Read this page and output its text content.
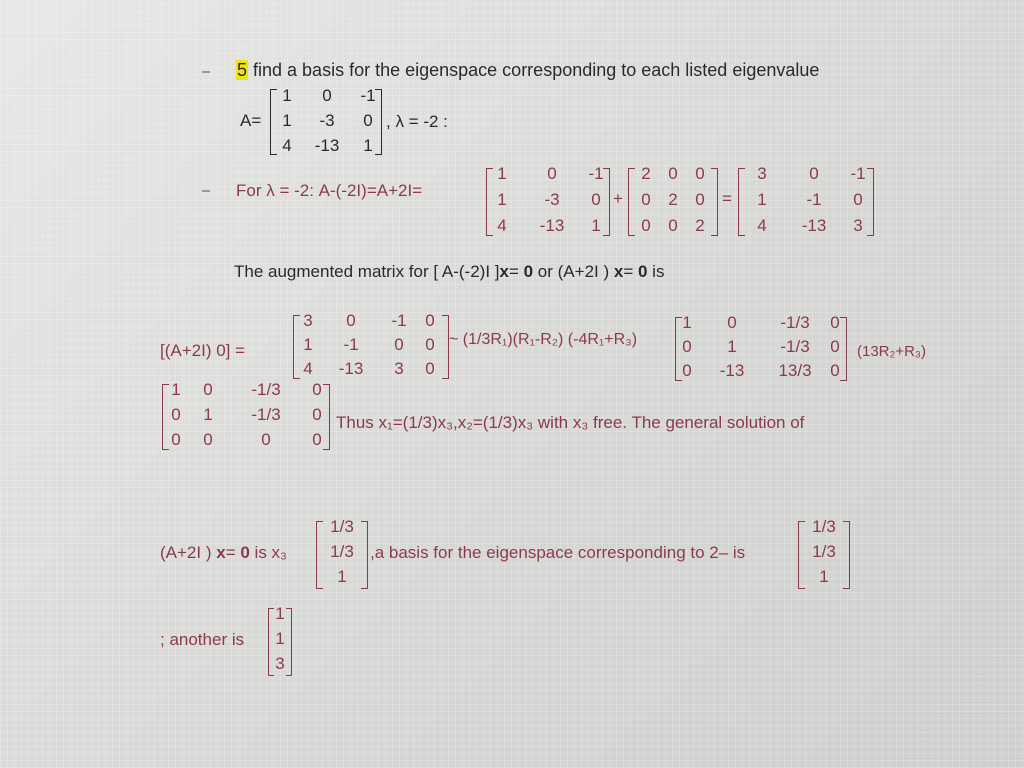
5 find a basis for the eigenspace corresponding to each listed eigenvalue
A=
1 0 -1
1 -3 0
4 -13 1
, λ = -2 :
For λ = -2: A-(-2I)=A+2I=
1 0 -1
1 -3 0
4 -13 1
+
2 0 0
0 2 0
0 0 2
=
3	0 -1
1 -1 0
4 -13 3
The augmented matrix for [ A-(-2)I ]x= 0 or (A+2I ) x= 0 is
[(A+2I) 0] =
3 0 -1 0
1 -1 0 0
4 -13 3 0
~ (1/3R₁)(R₁-R₂) (-4R₁+R₃)
1 0	-1/3 0
0 1	-1/3 0
0 -13 13/3 0
(13R₂+R₃)
1 0 -1/3 0
0 1 -1/3 0
0 0	0 0
Thus x₁=(1/3)x₃,x₂=(1/3)x₃ with x₃ free. The general solution of
(A+2I ) x= 0 is x₃
1/3
1/3
1
,a basis for the eigenspace corresponding to 2– is
1/3
1/3
1
; another is
1
1
3
